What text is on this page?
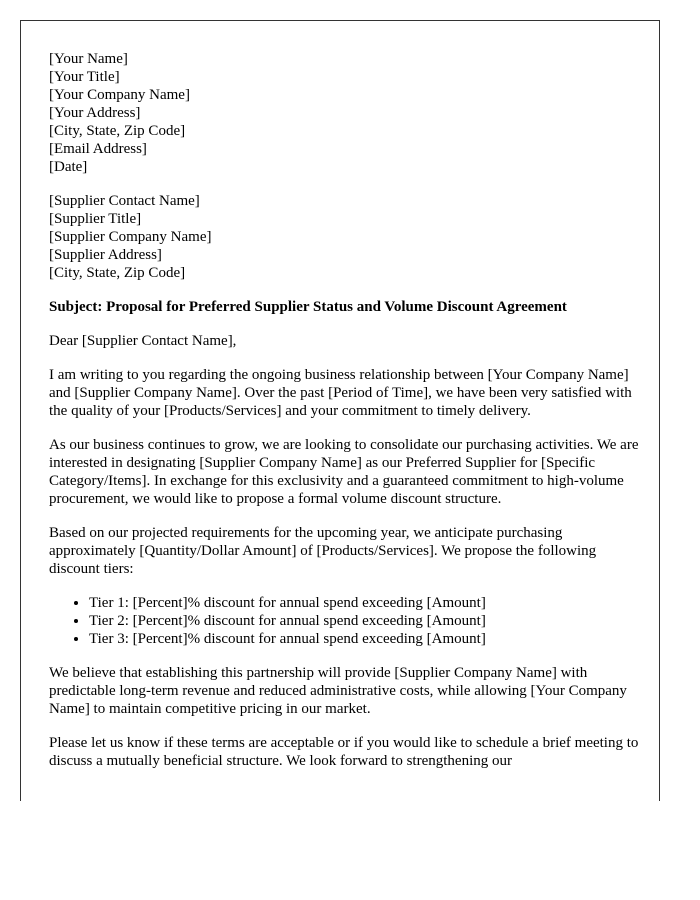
[Your Name]
[Your Title]
[Your Company Name]
[Your Address]
[City, State, Zip Code]
[Email Address]
[Date]
[Supplier Contact Name]
[Supplier Title]
[Supplier Company Name]
[Supplier Address]
[City, State, Zip Code]
Subject: Proposal for Preferred Supplier Status and Volume Discount Agreement

Dear [Supplier Contact Name],

I am writing to you regarding the ongoing business relationship between [Your Company Name] and [Supplier Company Name]. Over the past [Period of Time], we have been very satisfied with the quality of your [Products/Services] and your commitment to timely delivery.

As our business continues to grow, we are looking to consolidate our purchasing activities. We are interested in designating [Supplier Company Name] as our Preferred Supplier for [Specific Category/Items]. In exchange for this exclusivity and a guaranteed commitment to high-volume procurement, we would like to propose a formal volume discount structure.

Based on our projected requirements for the upcoming year, we anticipate purchasing approximately [Quantity/Dollar Amount] of [Products/Services]. We propose the following discount tiers:

• Tier 1: [Percent]% discount for annual spend exceeding [Amount]
• Tier 2: [Percent]% discount for annual spend exceeding [Amount]
• Tier 3: [Percent]% discount for annual spend exceeding [Amount]

We believe that establishing this partnership will provide [Supplier Company Name] with predictable long-term revenue and reduced administrative costs, while allowing [Your Company Name] to maintain competitive pricing in our market.

Please let us know if these terms are acceptable or if you would like to schedule a brief meeting to discuss a mutually beneficial structure. We look forward to strengthening our
